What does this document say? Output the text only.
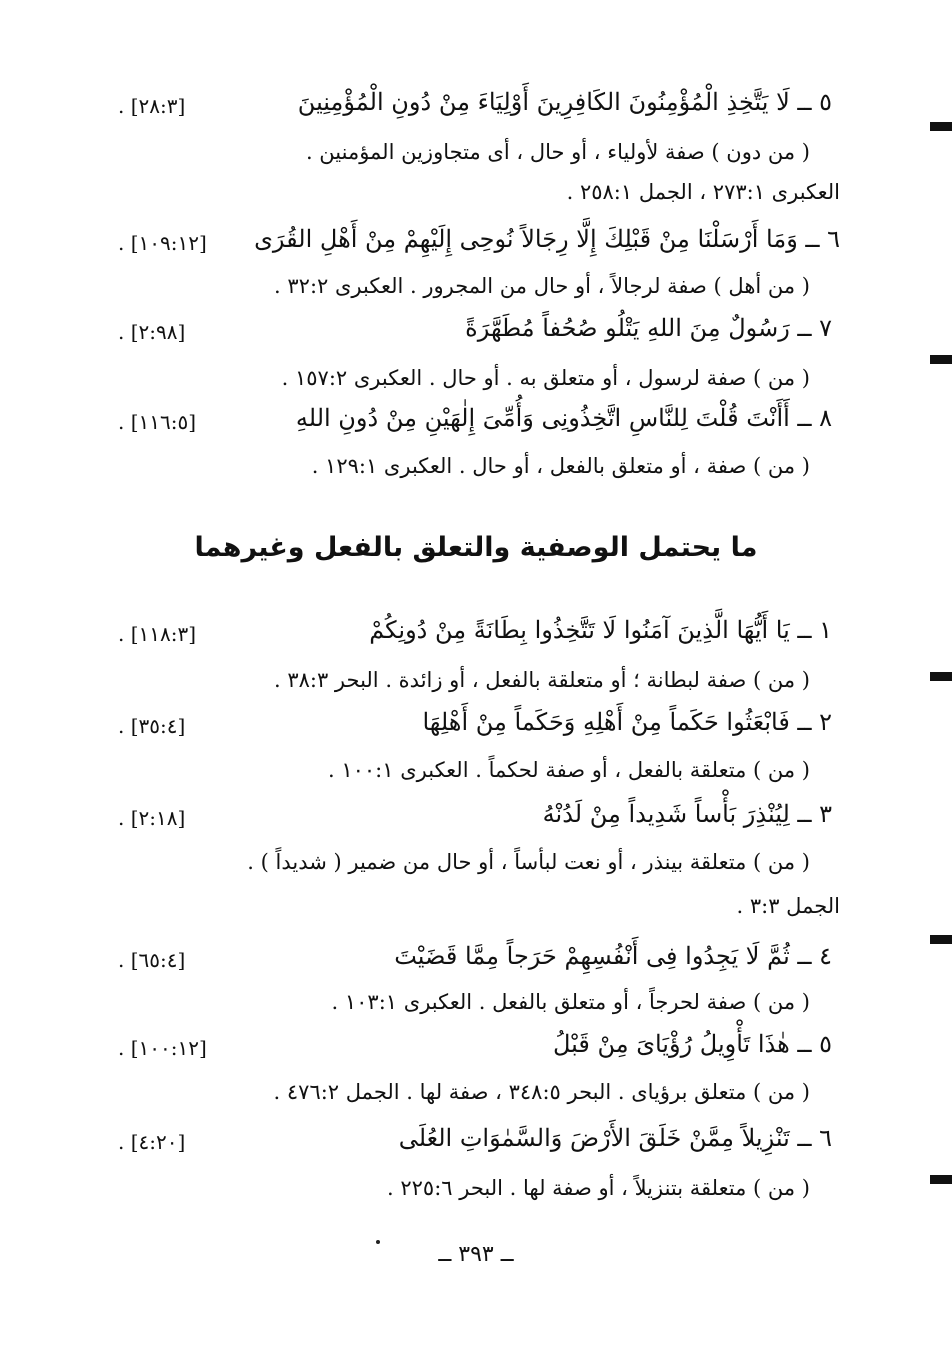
٥ ــ لَا يَتَّخِذِ الْمُؤْمِنُونَ الكَافِرِينَ أَوْلِيَاءَ مِنْ دُونِ الْمُؤْمِنِينَ
[٢٨:٣] .
( من دون ) صفة لأولياء ، أو حال ، أى متجاوزين المؤمنين .
العكبرى ٢٧٣:١ ، الجمل ٢٥٨:١ .
٦ ــ وَمَا أَرْسَلْنَا مِنْ قَبْلِكَ إِلَّا رِجَالاً نُوحِى إِلَيْهِمْ مِنْ أَهْلِ القُرَى
[١٠٩:١٢] .
( من أهل ) صفة لرجالاً ، أو حال من المجرور . العكبرى ٣٢:٢ .
٧ ــ رَسُولٌ مِنَ اللهِ يَتْلُو صُحُفاً مُطَهَّرَةً
[٢:٩٨] .
( من ) صفة لرسول ، أو متعلق به . أو حال . العكبرى ١٥٧:٢ .
٨ ــ أَأَنْتَ قُلْتَ لِلنَّاسِ اتَّخِذُونِى وَأُمِّىَ إِلٰهَيْنِ مِنْ دُونِ اللهِ
[١١٦:٥] .
( من ) صفة ، أو متعلق بالفعل ، أو حال . العكبرى ١٢٩:١ .
ما يحتمل الوصفية والتعلق بالفعل وغيرهما
١ ــ يَا أَيُّهَا الَّذِينَ آمَنُوا لَا تَتَّخِذُوا بِطَانَةً مِنْ دُونِكُمْ
[١١٨:٣] .
( من ) صفة لبطانة ؛ أو متعلقة بالفعل ، أو زائدة . البحر ٣٨:٣ .
٢ ــ فَابْعَثُوا حَكَماً مِنْ أَهْلِهِ وَحَكَماً مِنْ أَهْلِهَا
[٣٥:٤] .
( من ) متعلقة بالفعل ، أو صفة لحكماً . العكبرى ١٠٠:١ .
٣ ــ لِيُنْذِرَ بَأْساً شَدِيداً مِنْ لَدُنْهُ
[٢:١٨] .
( من ) متعلقة بينذر ، أو نعت لبأساً ، أو حال من ضمير ( شديداً ) .
الجمل ٣:٣ .
٤ ــ ثُمَّ لَا يَجِدُوا فِى أَنْفُسِهِمْ حَرَجاً مِمَّا قَضَيْتَ
[٦٥:٤] .
( من ) صفة لحرجاً ، أو متعلق بالفعل . العكبرى ١٠٣:١ .
٥ ــ هٰذَا تَأْوِيلُ رُؤْيَاىَ مِنْ قَبْلُ
[١٠٠:١٢] .
( من ) متعلق برؤياى . البحر ٣٤٨:٥ ، صفة لها . الجمل ٤٧٦:٢ .
٦ ــ تَنْزِيلاً مِمَّنْ خَلَقَ الأَرْضَ وَالسَّمٰوَاتِ العُلَى
[٤:٢٠] .
( من ) متعلقة بتنزيلاً ، أو صفة لها . البحر ٢٢٥:٦ .
ــ ٣٩٣ ــ
